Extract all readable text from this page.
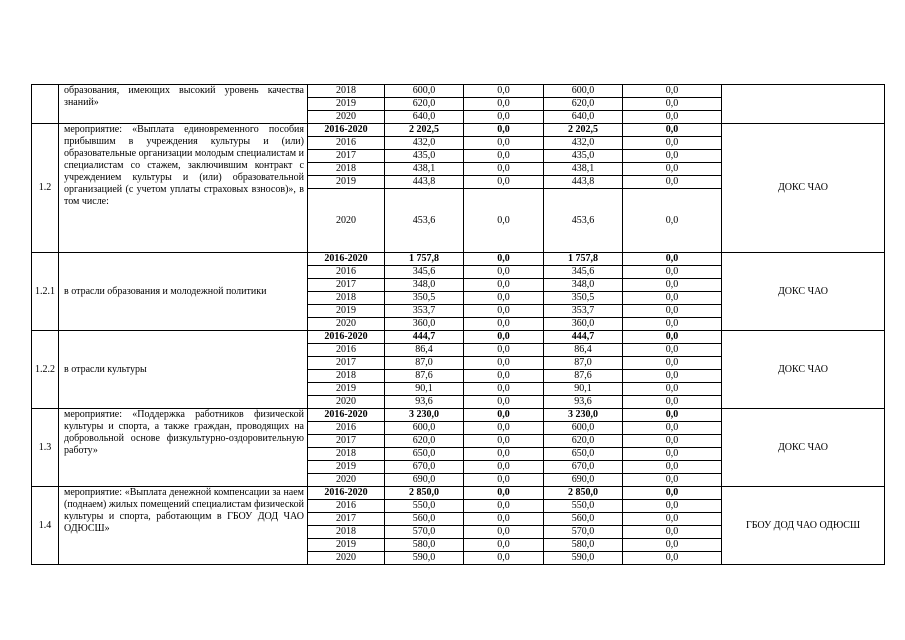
	образования, имеющих высокий уровень качества знаний»	2018	600,0	0,0	600,0	0,0	
		2019	620,0	0,0	620,0	0,0	
		2020	640,0	0,0	640,0	0,0	
1.2	мероприятие: «Выплата единовременного пособия прибывшим в учреждения культуры и (или) образовательные организации молодым специалистам и специалистам со стажем, заключившим контракт с учреждением культуры и (или) образовательной организацией (с учетом уплаты страховых взносов)», в том числе:	2016-2020	2 202,5	0,0	2 202,5	0,0	ДОКС ЧАО
		2016	432,0	0,0	432,0	0,0	
		2017	435,0	0,0	435,0	0,0	
		2018	438,1	0,0	438,1	0,0	
		2019	443,8	0,0	443,8	0,0	
		2020	453,6	0,0	453,6	0,0	
1.2.1	в отрасли образования и молодежной политики	2016-2020	1 757,8	0,0	1 757,8	0,0	ДОКС ЧАО
		2016	345,6	0,0	345,6	0,0	
		2017	348,0	0,0	348,0	0,0	
		2018	350,5	0,0	350,5	0,0	
		2019	353,7	0,0	353,7	0,0	
		2020	360,0	0,0	360,0	0,0	
1.2.2	в отрасли культуры	2016-2020	444,7	0,0	444,7	0,0	ДОКС ЧАО
		2016	86,4	0,0	86,4	0,0	
		2017	87,0	0,0	87,0	0,0	
		2018	87,6	0,0	87,6	0,0	
		2019	90,1	0,0	90,1	0,0	
		2020	93,6	0,0	93,6	0,0	
1.3	мероприятие: «Поддержка работников физической культуры и спорта, а также граждан, проводящих на добровольной основе физкультурно-оздоровительную работу»	2016-2020	3 230,0	0,0	3 230,0	0,0	ДОКС ЧАО
		2016	600,0	0,0	600,0	0,0	
		2017	620,0	0,0	620,0	0,0	
		2018	650,0	0,0	650,0	0,0	
		2019	670,0	0,0	670,0	0,0	
		2020	690,0	0,0	690,0	0,0	
1.4	мероприятие: «Выплата денежной компенсации за наем (поднаем) жилых помещений специалистам физической культуры и спорта, работающим в ГБОУ ДОД ЧАО ОДЮСШ»	2016-2020	2 850,0	0,0	2 850,0	0,0	ГБОУ ДОД ЧАО ОДЮСШ
		2016	550,0	0,0	550,0	0,0	
		2017	560,0	0,0	560,0	0,0	
		2018	570,0	0,0	570,0	0,0	
		2019	580,0	0,0	580,0	0,0	
		2020	590,0	0,0	590,0	0,0	
